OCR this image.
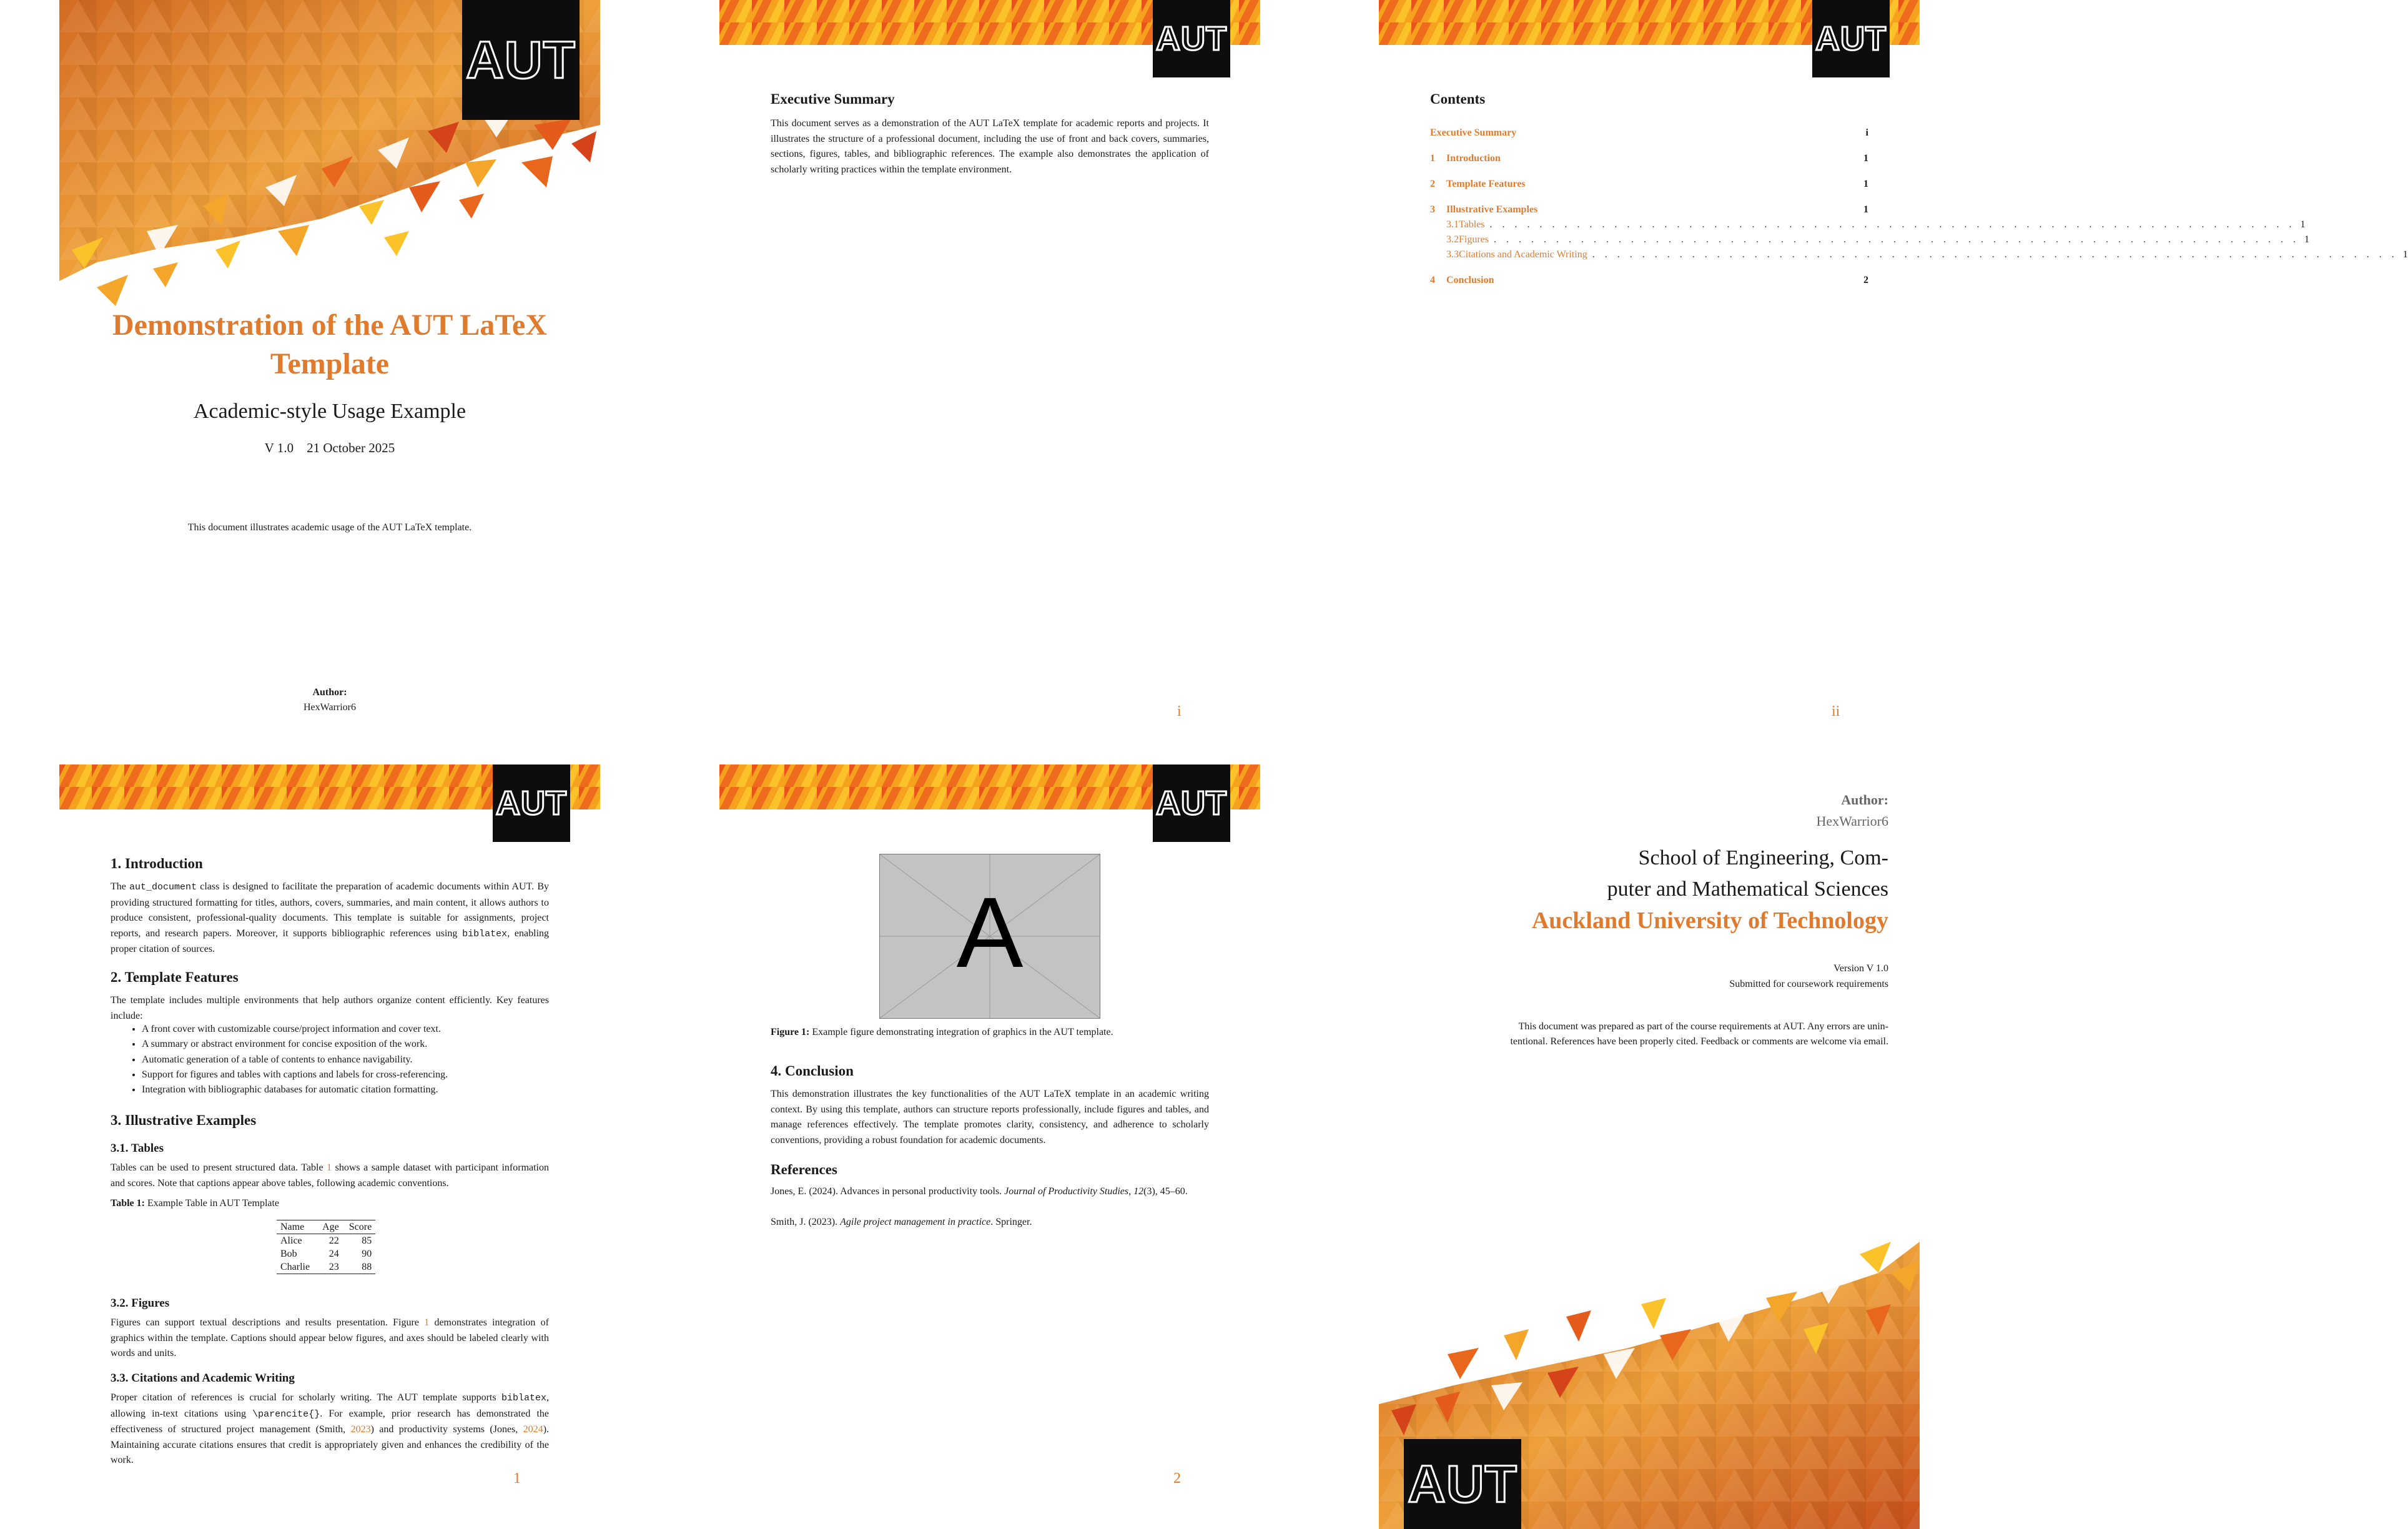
AUT
Demonstration of the AUT LaTeX
Template
Academic-style Usage Example
V 1.0 21 October 2025
This document illustrates academic usage of the AUT LaTeX template.
Author:
HexWarrior6
AUT
Executive Summary

This document serves as a demonstration of the AUT LaTeX template for academic reports and projects. It illustrates the structure of a professional document, including the use of front and back covers, summaries, sections, figures, tables, and bibliographic references. The example also demonstrates the application of scholarly writing practices within the template environment.

i
AUT
Contents
Executive Summary	i
1 Introduction	1
2 Template Features	1
3 Illustrative Examples	1
3.1 Tables . . . . . . . . . . . . . . . . . . . . . . . . . . . . . . . . . . . . . . . . . . . . . . . . . . . . . . . . . . . . . . . . . 1
3.2 Figures . . . . . . . . . . . . . . . . . . . . . . . . . . . . . . . . . . . . . . . . . . . . . . . . . . . . . . . . . . . . . . . . . 1
3.3 Citations and Academic Writing . . . . . . . . . . . . . . . . . . . . . . . . . . . . . . . . . . . . . . . . . . . . . . . . . . . . . . . . . . . . . . . . . 1
4 Conclusion	2
ii
AUT
1. Introduction

The aut_document class is designed to facilitate the preparation of academic documents within AUT. By providing structured formatting for titles, authors, covers, summaries, and main content, it allows authors to produce consistent, professional-quality documents. This template is suitable for assignments, project reports, and research papers. Moreover, it supports bibliographic references using biblatex, enabling proper citation of sources.

2. Template Features

The template includes multiple environments that help authors organize content efficiently. Key features include:

• A front cover with customizable course/project information and cover text.
• A summary or abstract environment for concise exposition of the work.
• Automatic generation of a table of contents to enhance navigability.
• Support for figures and tables with captions and labels for cross-referencing.
• Integration with bibliographic databases for automatic citation formatting.
3. Illustrative Examples
3.1. Tables

Tables can be used to present structured data. Table 1 shows a sample dataset with participant information and scores. Note that captions appear above tables, following academic conventions.

Table 1: Example Table in AUT Template
Name	Age	Score
Alice	22	85
Bob	24	90
Charlie	23	88
3.2. Figures

Figures can support textual descriptions and results presentation. Figure 1 demonstrates integration of graphics within the template. Captions should appear below figures, and axes should be labeled clearly with words and units.

3.3. Citations and Academic Writing

Proper citation of references is crucial for scholarly writing. The AUT template supports biblatex, allowing in-text citations using \parencite{}. For example, prior research has demonstrated the effectiveness of structured project management (Smith, 2023) and productivity systems (Jones, 2024). Maintaining accurate citations ensures that credit is appropriately given and enhances the credibility of the work.

1
AUT
A
Figure 1: Example figure demonstrating integration of graphics in the AUT template.
4. Conclusion

This demonstration illustrates the key functionalities of the AUT LaTeX template in an academic writing context. By using this template, authors can structure reports professionally, include figures and tables, and manage references effectively. The template promotes clarity, consistency, and adherence to scholarly conventions, providing a robust foundation for academic documents.

References

Jones, E. (2024). Advances in personal productivity tools. Journal of Productivity Studies, 12(3), 45–60.

Smith, J. (2023). Agile project management in practice. Springer.

2
Author:
HexWarrior6
School of Engineering, Com-
puter and Mathematical Sciences
Auckland University of Technology
Version V 1.0
Submitted for coursework requirements
This document was prepared as part of the course requirements at AUT. Any errors are unin-
tentional. References have been properly cited. Feedback or comments are welcome via email.
AUT
